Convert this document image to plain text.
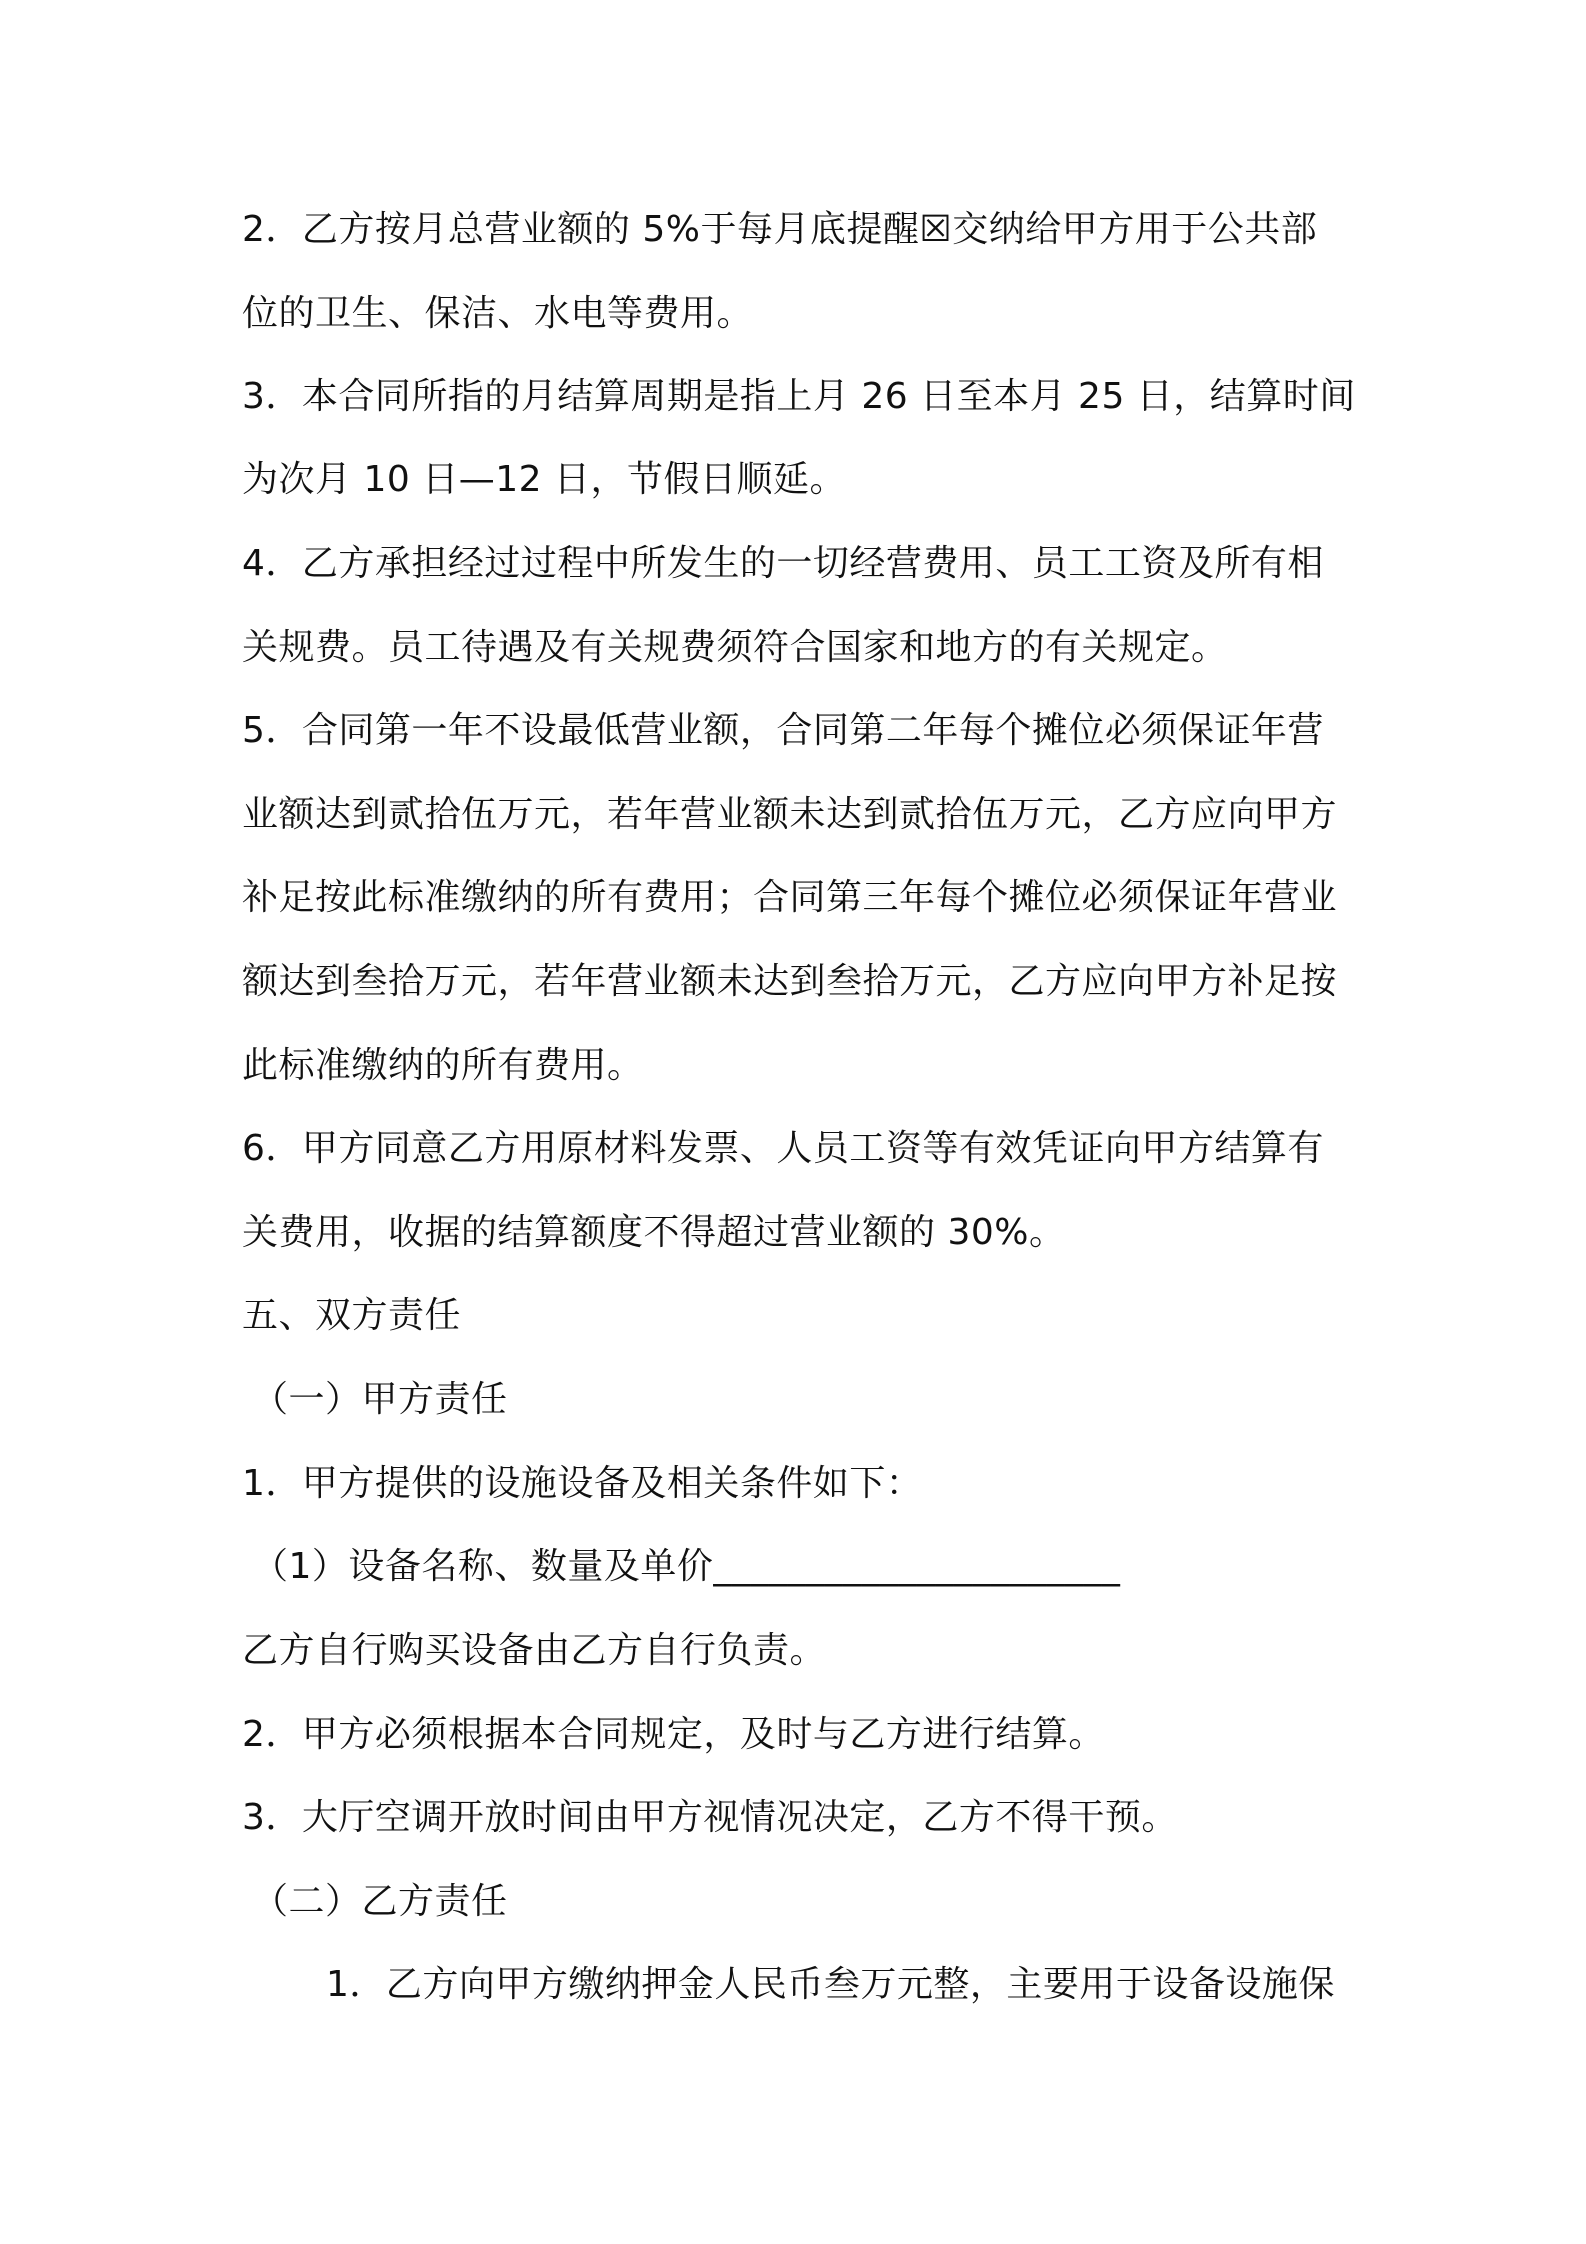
2．乙方按月总营业额的 5%于每月底提醒☒交纳给甲方用于公共部
位的卫生、保洁、水电等费用。
3．本合同所指的月结算周期是指上月 26 日至本月 25 日，结算时间
为次月 10 日—12 日，节假日顺延。
4．乙方承担经过过程中所发生的一切经营费用、员工工资及所有相
关规费。员工待遇及有关规费须符合国家和地方的有关规定。
5．合同第一年不设最低营业额，合同第二年每个摊位必须保证年营
业额达到贰拾伍万元，若年营业额未达到贰拾伍万元，乙方应向甲方
补足按此标准缴纳的所有费用；合同第三年每个摊位必须保证年营业
额达到叁拾万元，若年营业额未达到叁拾万元，乙方应向甲方补足按
此标准缴纳的所有费用。
6．甲方同意乙方用原材料发票、人员工资等有效凭证向甲方结算有
关费用，收据的结算额度不得超过营业额的 30%。
五、双方责任
（一）甲方责任
1．甲方提供的设施设备及相关条件如下：
（1）设备名称、数量及单价______________________
乙方自行购买设备由乙方自行负责。
2．甲方必须根据本合同规定，及时与乙方进行结算。
3．大厅空调开放时间由甲方视情况决定，乙方不得干预。
（二）乙方责任
1．乙方向甲方缴纳押金人民币叁万元整，主要用于设备设施保
